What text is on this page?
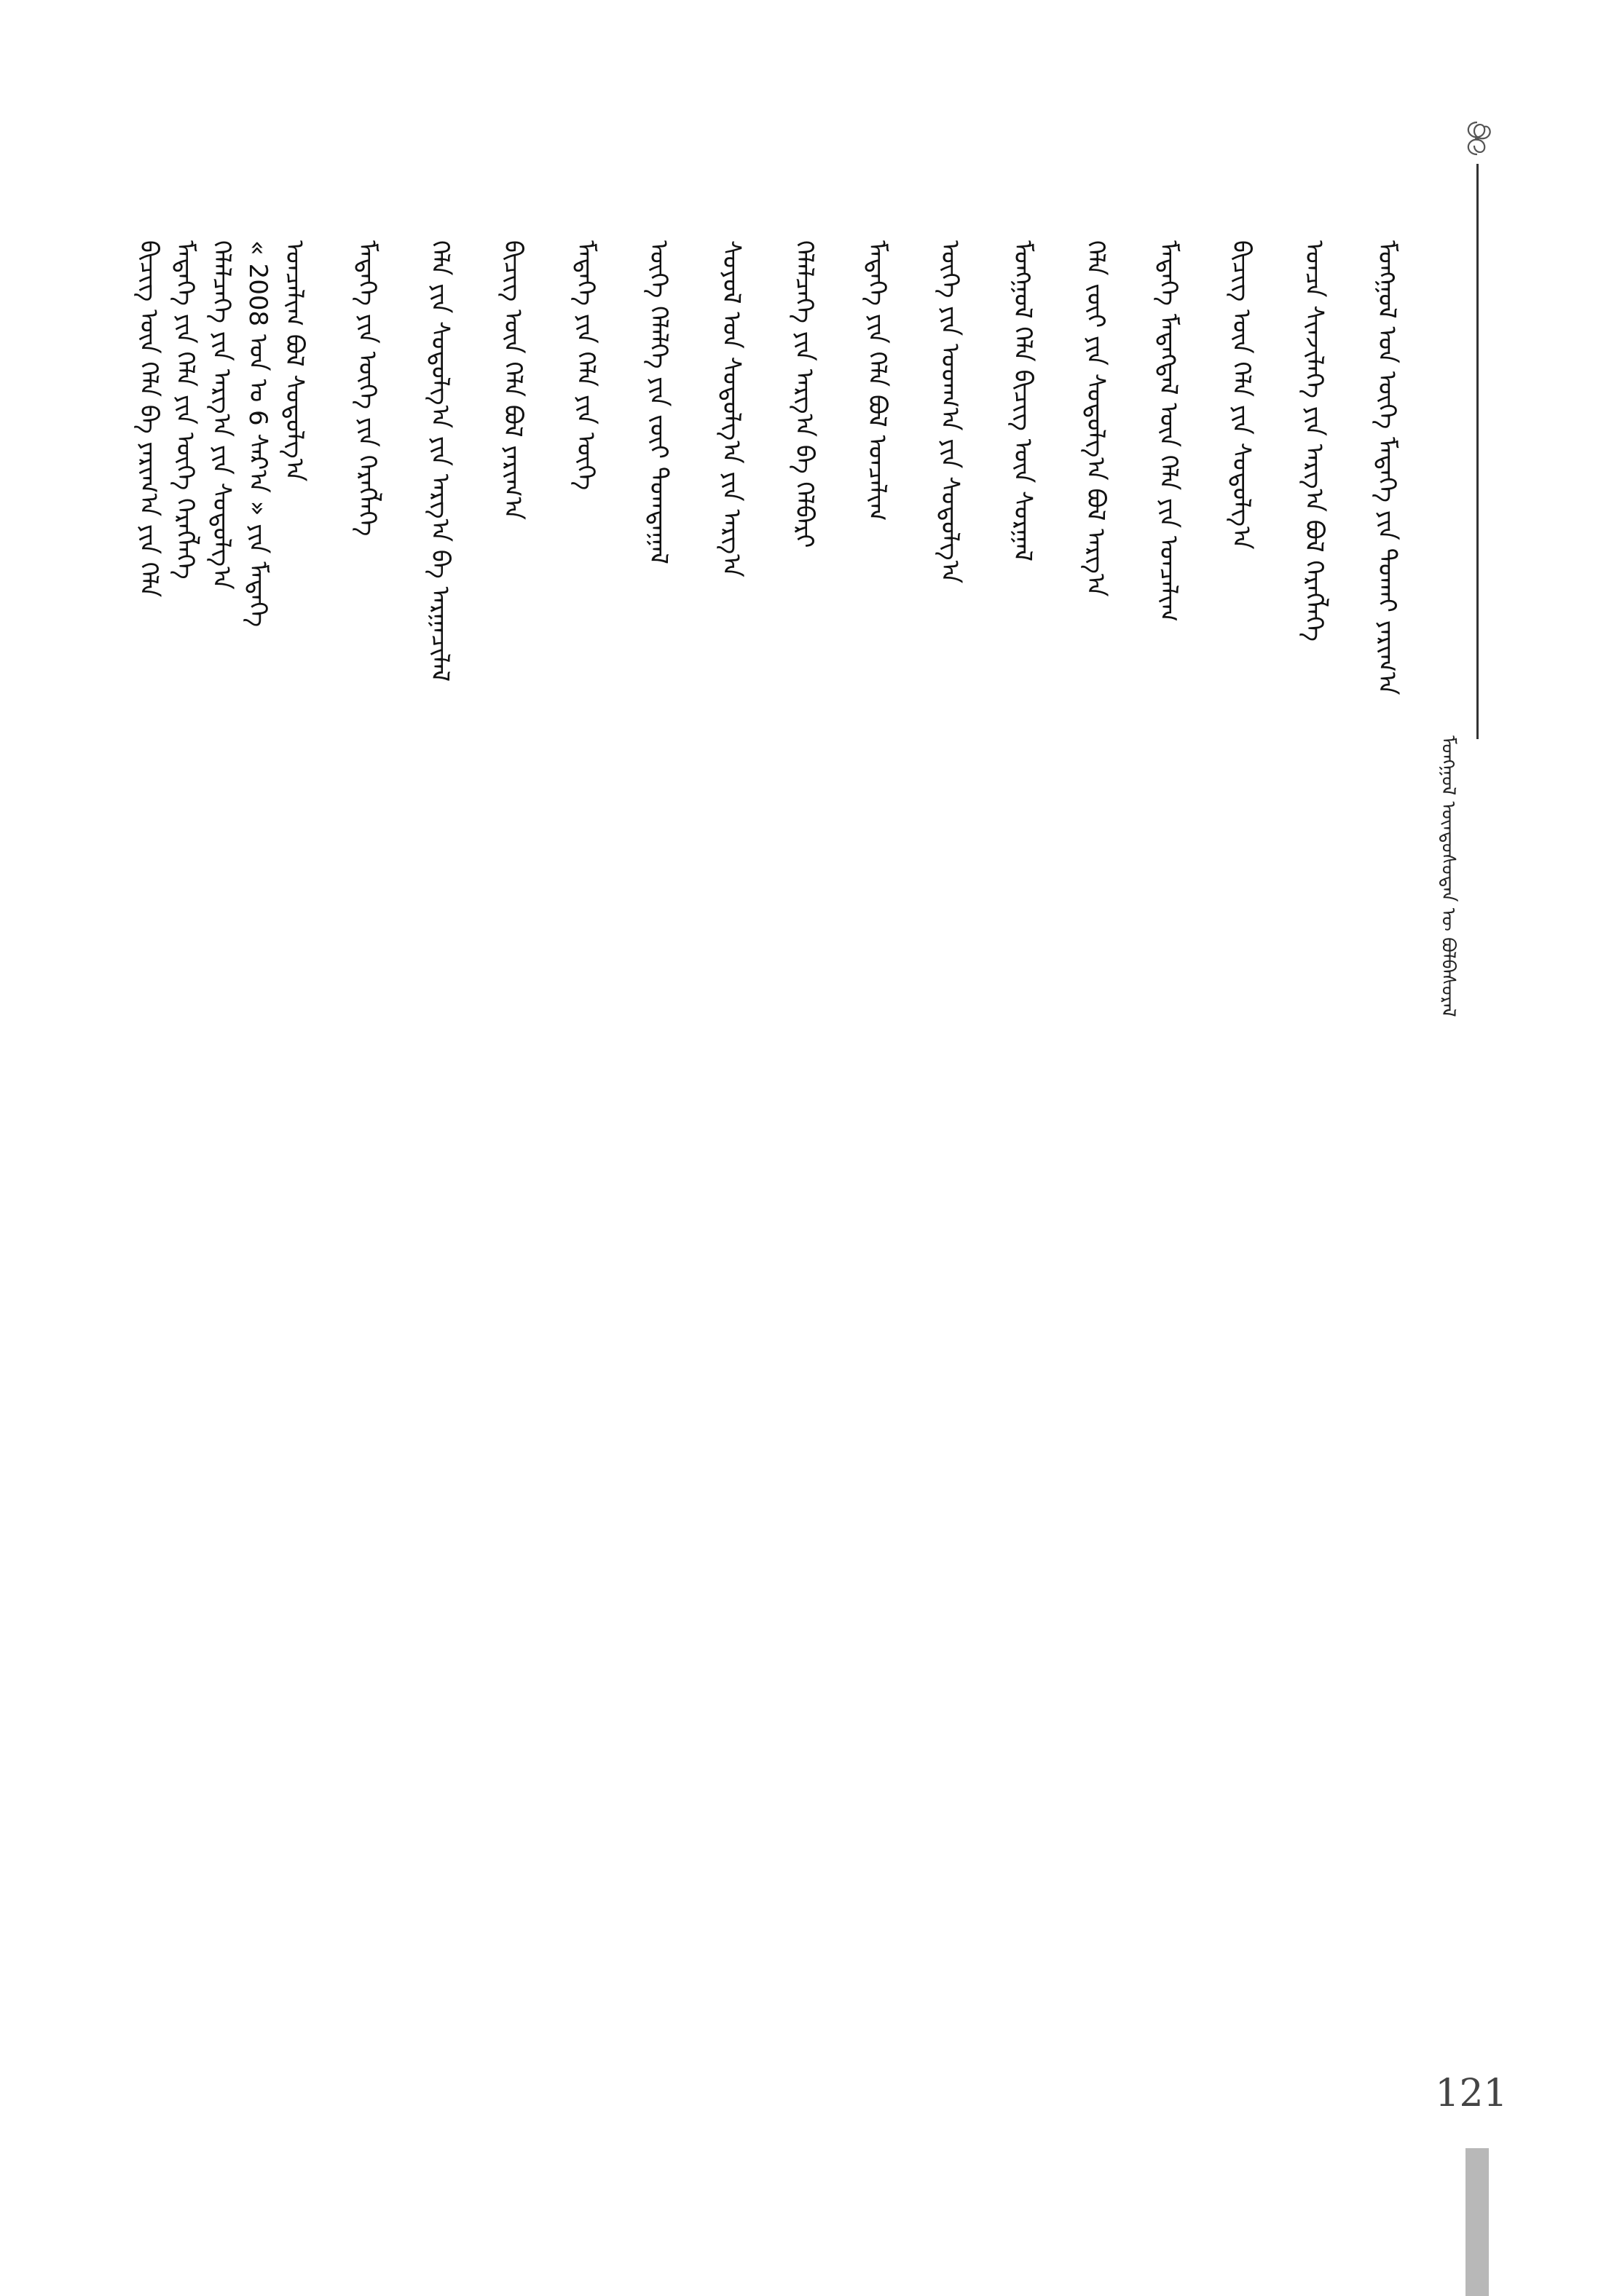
ᠮᠣᠩᠭᠣᠯ ᠦᠨᠳᠦᠰᠦᠲᠡᠨ ᠦ ᠪᠣᠯᠪᠠᠰᠤᠷᠠᠯ
ᠮᠣᠩᠭᠣᠯ ᠤᠨ ᠦᠭᠡ ᠮᠡᠳᠡᠭᠡ ᠶᠢᠨ ᠲᠤᠬᠠᠢ ᠶᠠᠷᠢᠭ᠎ᠠ
ᠣᠨᠴᠠ ᠰᠢᠨᠵᠢᠯᠡᠭᠡ ᠶᠢᠨ ᠠᠷᠭ᠎ᠠ ᠪᠣᠯ ᠬᠡᠷᠡᠭᠯᠡᠭᠡ
ᠪᠢᠴᠢᠭ ᠦᠨ ᠬᠡᠯᠡ ᠶᠢᠨ ᠰᠤᠳᠤᠯᠭ᠎ᠠ
ᠮᠡᠳᠡᠭᠡ ᠮᠡᠳᠡᠭᠳᠡᠯ ᠦᠨ ᠬᠡᠯᠡ ᠶᠢᠨ ᠣᠨᠴᠠᠯᠢᠭ
ᠬᠡᠯᠡ ᠵᠦᠢ ᠶᠢᠨ ᠰᠤᠳᠤᠯᠭ᠎ᠠ ᠪᠣᠯ ᠠᠷᠭ᠎ᠠ
ᠮᠣᠩᠭᠣᠯ ᠬᠡᠯᠡ ᠪᠢᠴᠢᠭ ᠦᠨ ᠰᠤᠷᠭᠠᠯ
ᠦᠭᠡ ᠶᠢᠨ ᠤᠳᠬ᠎ᠠ ᠶᠢᠨ ᠰᠤᠳᠤᠯᠭ᠎ᠠ
ᠮᠡᠳᠡᠭᠡ ᠶᠢᠨ ᠬᠡᠯᠡ ᠪᠣᠯ ᠣᠨᠴᠠᠯᠢᠭ
ᠬᠡᠯᠡᠯᠴᠡᠭᠡ ᠶᠢᠨ ᠠᠷᠭ᠎ᠠ ᠪᠠ ᠬᠡᠯᠪᠡᠷᠢ
ᠰᠣᠶᠣᠯ ᠤᠨ ᠰᠤᠳᠤᠯᠭ᠎ᠠ ᠶᠢᠨ ᠠᠷᠭ᠎ᠠ
ᠦᠭᠡ ᠬᠡᠯᠡᠯᠭᠡ ᠶᠢᠨ ᠵᠦᠢ ᠲᠣᠭᠲᠠᠭᠠᠯ
ᠮᠡᠳᠡᠭᠡ ᠶᠢᠨ ᠬᠡᠯᠡ ᠶᠢᠨ ᠦᠭᠡ
ᠪᠢᠴᠢᠭ ᠦᠨ ᠬᠡᠯᠡ ᠪᠣᠯ ᠶᠠᠷᠢᠭ᠎ᠠ
ᠬᠡᠯᠡ ᠶᠢᠨ ᠰᠤᠳᠤᠯᠭ᠎ᠠ ᠶᠢᠨ ᠠᠷᠭ᠎ᠠ ᠪᠠ ᠠᠷᠭᠠᠴᠢᠯᠠᠯ
ᠮᠡᠳᠡᠭᠡ ᠶᠢᠨ ᠦᠭᠡ ᠶᠢᠨ ᠬᠡᠷᠡᠭᠯᠡᠭᠡ
ᠣᠨᠴᠠᠯᠢᠭ ᠪᠣᠯ ᠰᠤᠳᠤᠯᠭ᠎ᠠ
« 2008 ᠣᠨ ᠤ 6 ᠰᠠᠷ᠎ᠠ » ᠶᠢᠨ ᠮᠡᠳᠡᠭᠡ
ᠬᠡᠯᠡᠯᠴᠡᠭᠡ ᠶᠢᠨ ᠠᠷᠭ᠎ᠠ ᠶᠢᠨ ᠰᠤᠳᠤᠯᠭ᠎ᠠ
ᠮᠡᠳᠡᠭᠡ ᠶᠢᠨ ᠬᠡᠯᠡ ᠶᠢᠨ ᠦᠭᠡ ᠬᠡᠷᠡᠭᠯᠡᠭᠡ
ᠪᠢᠴᠢᠭ ᠦᠨ ᠬᠡᠯᠡ ᠪᠠ ᠶᠠᠷᠢᠭ᠎ᠠ ᠶᠢᠨ ᠬᠡᠯᠡ
121
